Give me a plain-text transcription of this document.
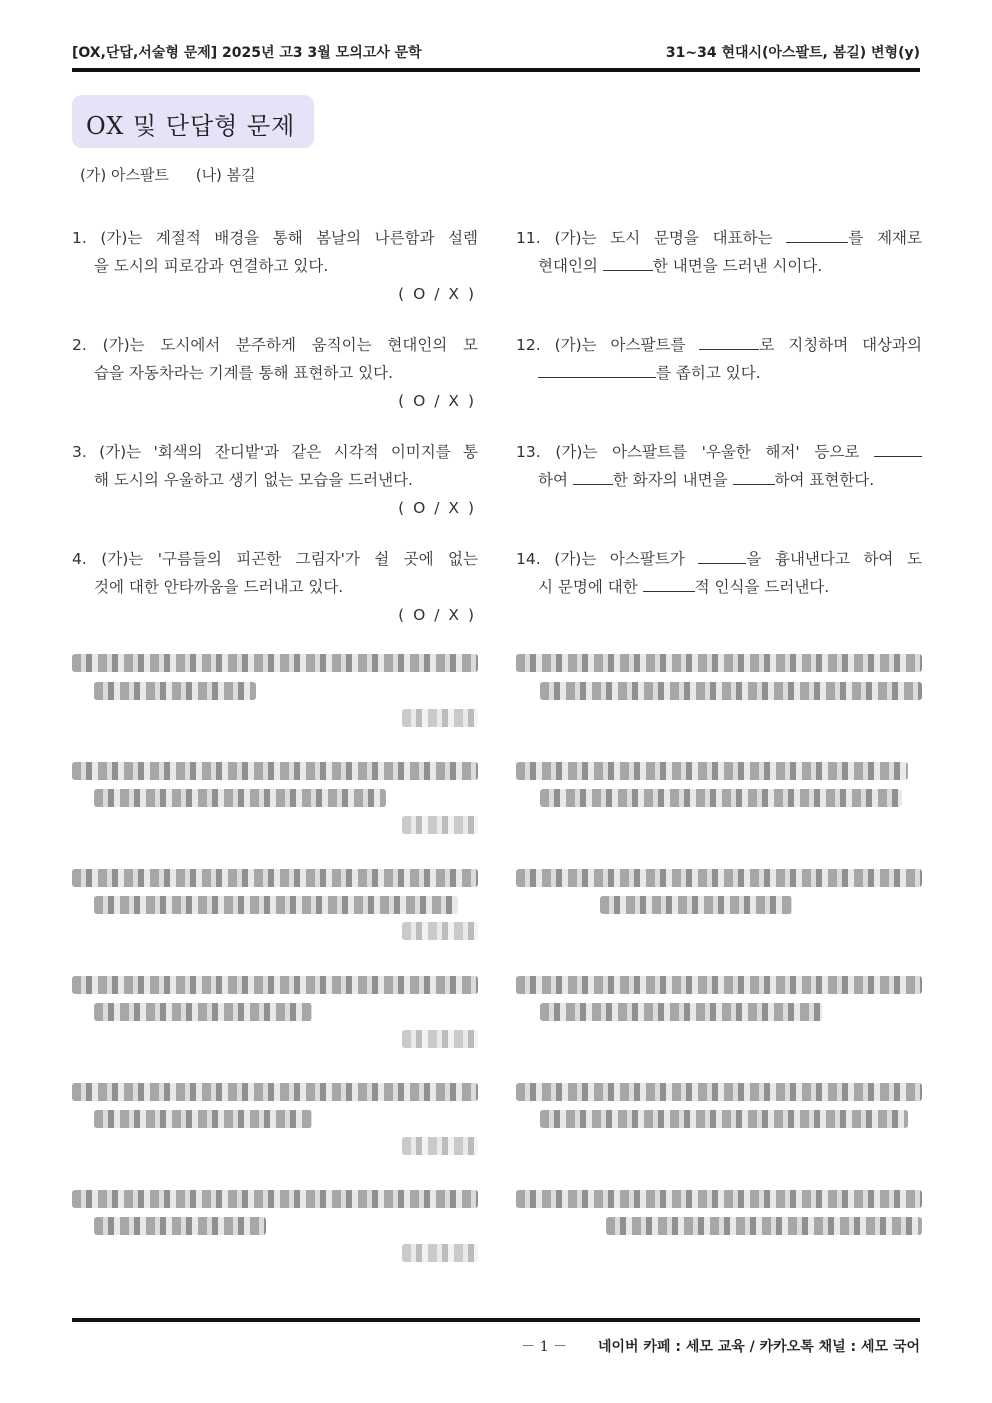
[OX,단답,서술형 문제] 2025년 고3 3월 모의고사 문학	31~34 현대시(아스팔트, 봄길) 변형(y)
OX 및 단답형 문제
(가) 아스팔트 (나) 봄길
1. (가)는 계절적 배경을 통해 봄날의 나른함과 설렘
을 도시의 피로감과 연결하고 있다.
( O / X )
2. (가)는 도시에서 분주하게 움직이는 현대인의 모
습을 자동차라는 기계를 통해 표현하고 있다.
( O / X )
3. (가)는 '회색의 잔디밭'과 같은 시각적 이미지를 통
해 도시의 우울하고 생기 없는 모습을 드러낸다.
( O / X )
4. (가)는 '구름들의 피곤한 그림자'가 쉴 곳에 없는
것에 대한 안타까움을 드러내고 있다.
( O / X )
11. (가)는 도시 문명을 대표하는	를 제재로
현대인의	한 내면을 드러낸 시이다.
12. (가)는 아스팔트를	로 지칭하며 대상과의
를 좁히고 있다.
13. (가)는 아스팔트를 '우울한 해저' 등으로
하여	한 화자의 내면을	하여 표현한다.
14. (가)는 아스팔트가	을 흉내낸다고 하여 도
시 문명에 대한	적 인식을 드러낸다.
－ 1 － 네이버 카페 : 세모 교육 / 카카오톡 채널 : 세모 국어
